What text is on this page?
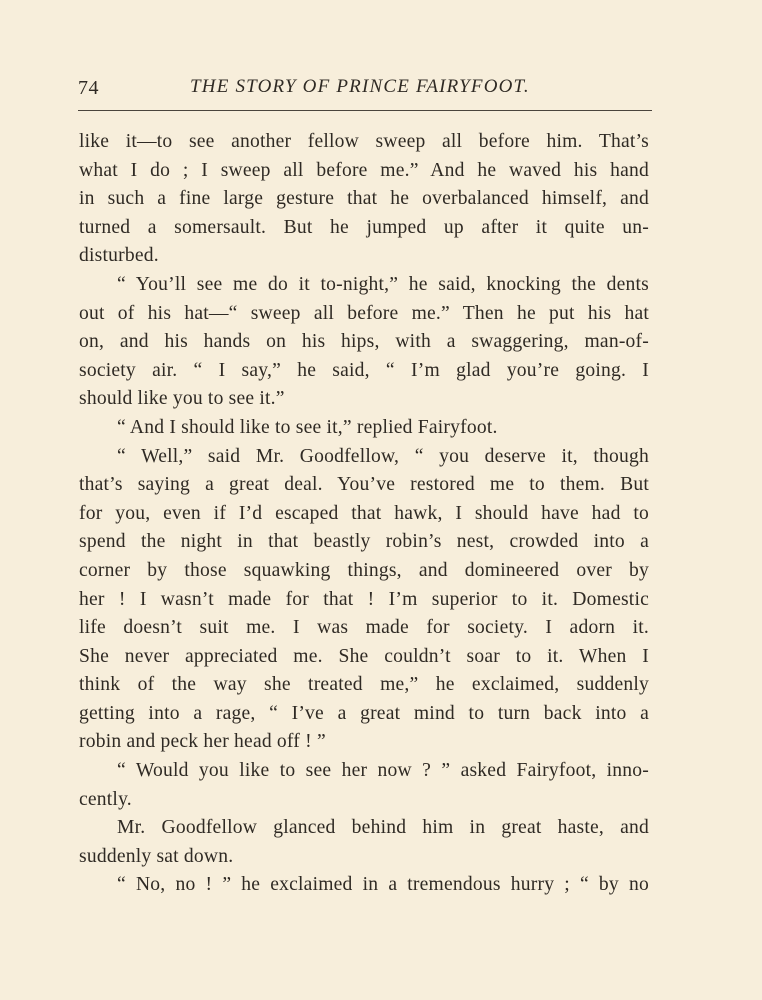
74	THE STORY OF PRINCE FAIRYFOOT.
like it—to see another fellow sweep all before him. That’s
what I do ; I sweep all before me.” And he waved his hand
in such a fine large gesture that he overbalanced himself, and
turned a somersault. But he jumped up after it quite un-
disturbed.
“ You’ll see me do it to-night,” he said, knocking the dents
out of his hat—“ sweep all before me.” Then he put his hat
on, and his hands on his hips, with a swaggering, man-of-
society air. “ I say,” he said, “ I’m glad you’re going. I
should like you to see it.”
“ And I should like to see it,” replied Fairyfoot.
“ Well,” said Mr. Goodfellow, “ you deserve it, though
that’s saying a great deal. You’ve restored me to them. But
for you, even if I’d escaped that hawk, I should have had to
spend the night in that beastly robin’s nest, crowded into a
corner by those squawking things, and domineered over by
her ! I wasn’t made for that ! I’m superior to it. Domestic
life doesn’t suit me. I was made for society. I adorn it.
She never appreciated me. She couldn’t soar to it. When I
think of the way she treated me,” he exclaimed, suddenly
getting into a rage, “ I’ve a great mind to turn back into a
robin and peck her head off ! ”
“ Would you like to see her now ? ” asked Fairyfoot, inno-
cently.
Mr. Goodfellow glanced behind him in great haste, and
suddenly sat down.
“ No, no ! ” he exclaimed in a tremendous hurry ; “ by no
